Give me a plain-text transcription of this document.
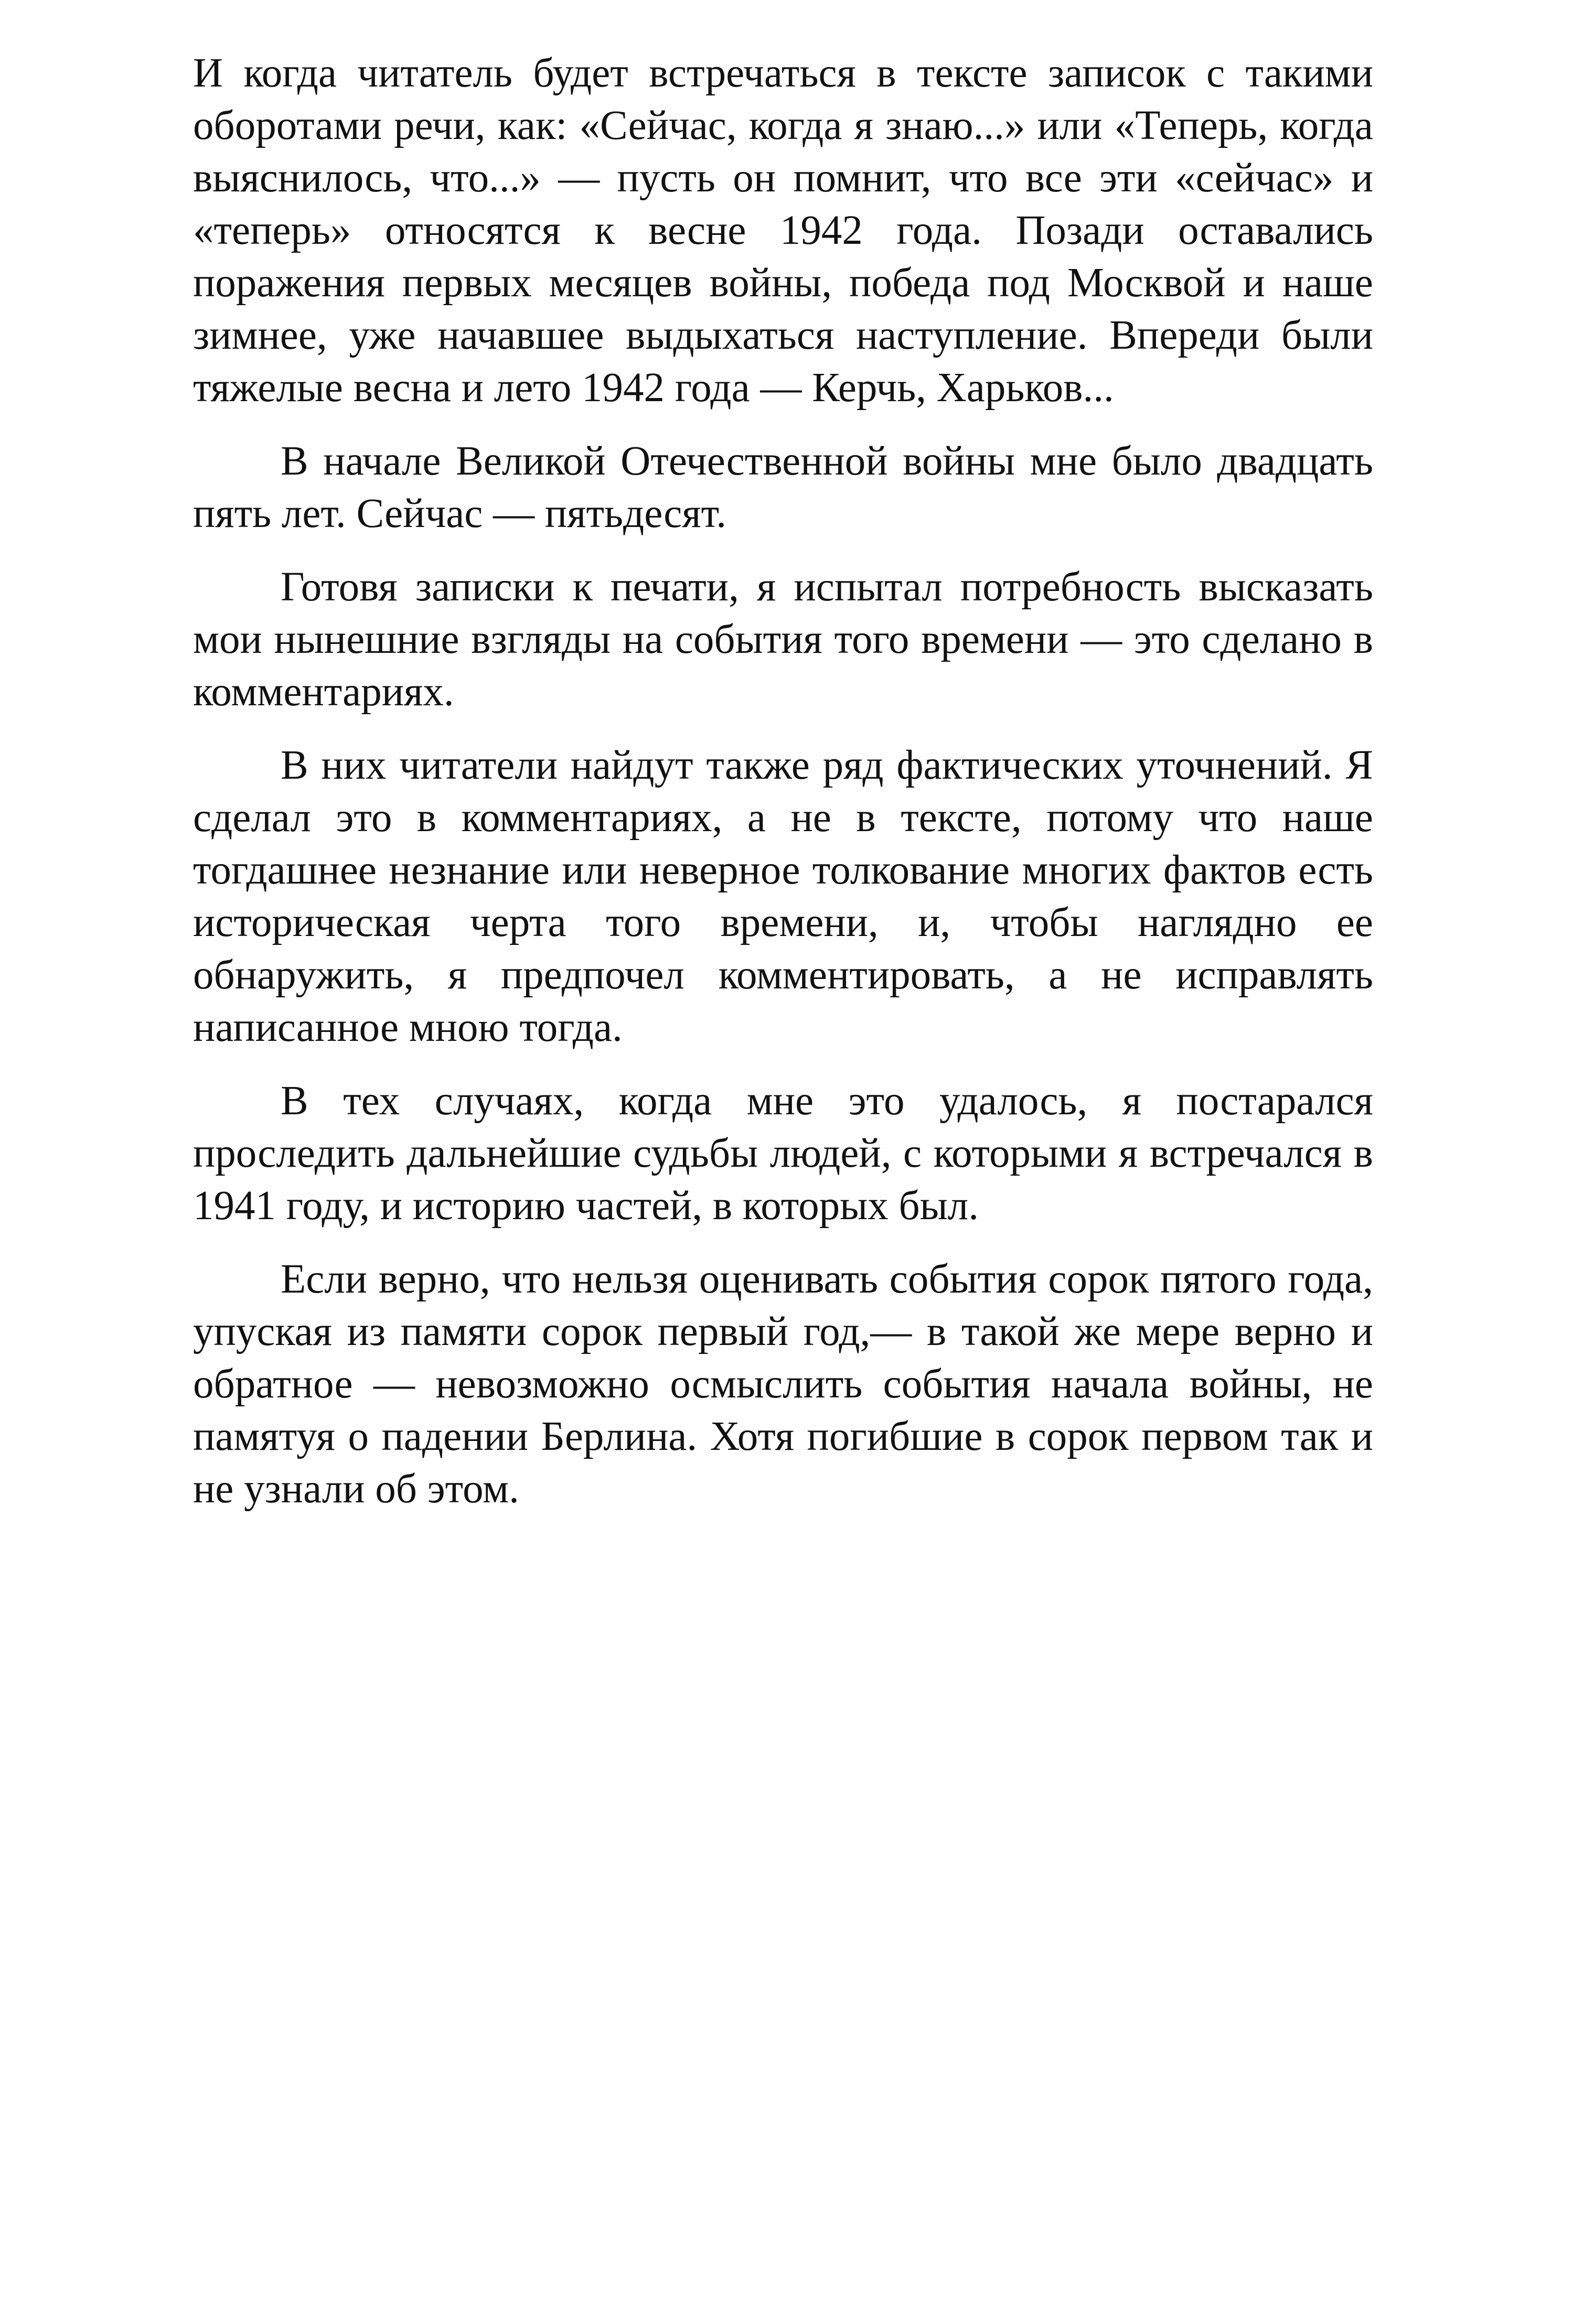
И когда читатель будет встречаться в тексте записок с такими оборотами речи, как: «Сейчас, когда я знаю...» или «Теперь, когда выяснилось, что...» — пусть он помнит, что все эти «сейчас» и «теперь» относятся к весне 1942 года. Позади оставались поражения первых месяцев войны, победа под Москвой и наше зимнее, уже начавшее выдыхаться наступление. Впереди были тяжелые весна и лето 1942 года — Керчь, Харьков...

В начале Великой Отечественной войны мне было двадцать пять лет. Сейчас — пятьдесят.

Готовя записки к печати, я испытал потребность высказать мои нынешние взгляды на события того времени — это сделано в комментариях.

В них читатели найдут также ряд фактических уточнений. Я сделал это в комментариях, а не в тексте, потому что наше тогдашнее незнание или неверное толкование многих фактов есть историческая черта того времени, и, чтобы наглядно ее обнаружить, я предпочел комментировать, а не исправлять написанное мною тогда.

В тех случаях, когда мне это удалось, я постарался проследить дальнейшие судьбы людей, с которыми я встречался в 1941 году, и историю частей, в которых был.

Если верно, что нельзя оценивать события сорок пятого года, упуская из памяти сорок первый год,— в такой же мере верно и обратное — невозможно осмыслить события начала войны, не памятуя о падении Берлина. Хотя погибшие в сорок первом так и не узнали об этом.
